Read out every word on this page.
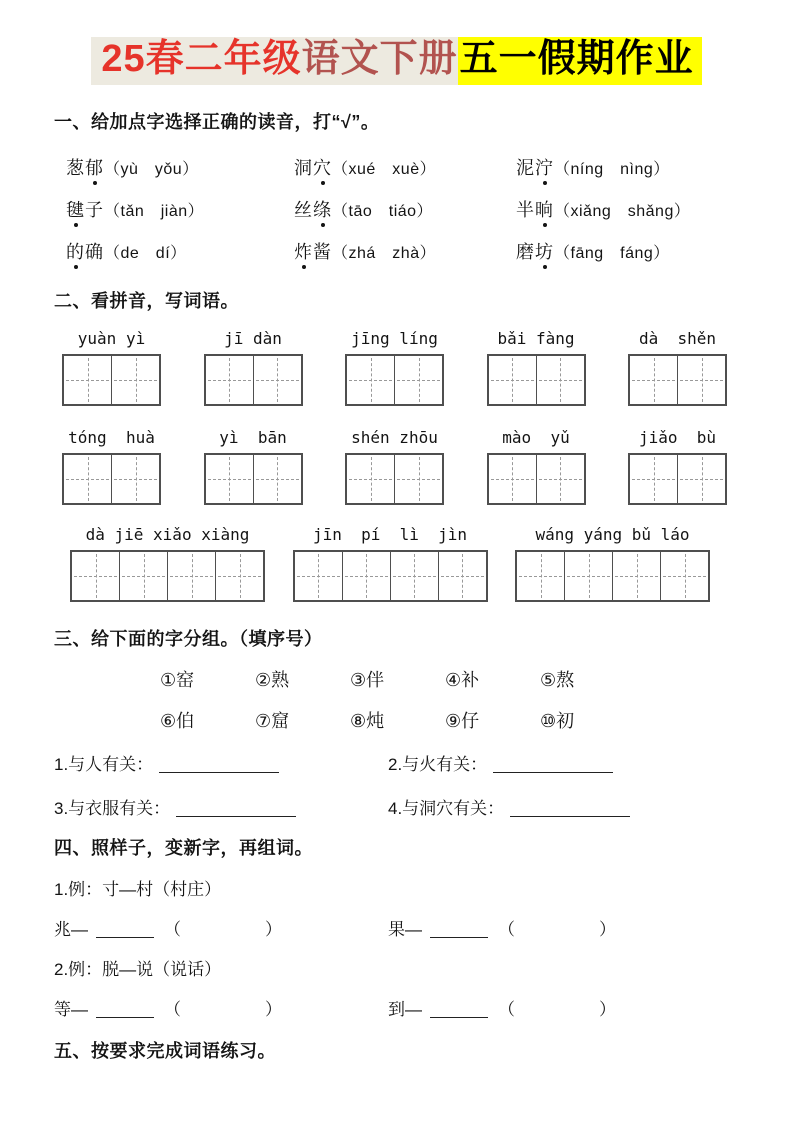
25春二年级语文下册五一假期作业
一、给加点字选择正确的读音，打“√”。
葱郁（yù　yǒu）	洞穴（xué　xuè）	泥泞（níng　nìng）
毽子（tǎn　jiàn）	丝绦（tāo　tiáo）	半晌（xiǎng　shǎng）
的确（de　dí）	炸酱（zhá　zhà）	磨坊（fāng　fáng）
二、看拼音，写词语。
yuàn yì	jī dàn	jīng líng	bǎi fàng	dà  shěn
tóng  huà	yì  bān	shén zhōu	mào  yǔ	jiǎo  bù
dà jiē xiǎo xiàng	jīn  pí  lì  jìn	wáng yáng bǔ láo
三、给下面的字分组。（填序号）
①窑	②熟	③伴	④补	⑤熬
⑥伯	⑦窟	⑧炖	⑨仔	⑩初
1.与人有关：	2.与火有关：
3.与衣服有关：	4.与洞穴有关：
四、照样子，变新字，再组词。
1.例：寸—村（村庄）
兆—	（	）	果—	（	）
2.例：脱—说（说话）
等—	（	）	到—	（	）
五、按要求完成词语练习。
